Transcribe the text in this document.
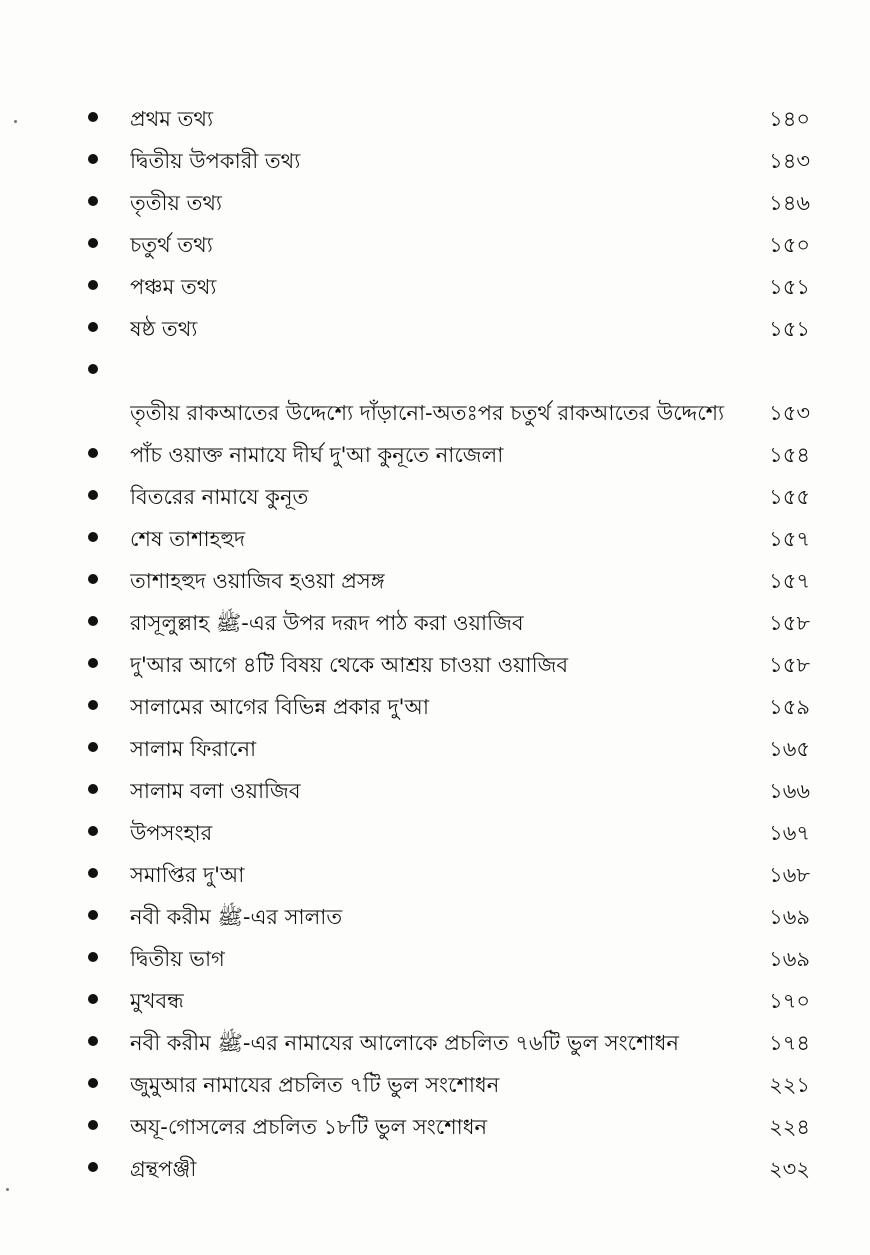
প্রথম তথ্য	১৪০
দ্বিতীয় উপকারী তথ্য	১৪৩
তৃতীয় তথ্য	১৪৬
চতুর্থ তথ্য	১৫০
পঞ্চম তথ্য	১৫১
ষষ্ঠ তথ্য	১৫১
তৃতীয় রাকআতের উদ্দেশ্যে দাঁড়ানো-অতঃপর চতুর্থ রাকআতের উদ্দেশ্যে	১৫৩
পাঁচ ওয়াক্ত নামাযে দীর্ঘ দু'আ কুনূতে নাজেলা	১৫৪
বিতরের নামাযে কুনূত	১৫৫
শেষ তাশাহহুদ	১৫৭
তাশাহহুদ ওয়াজিব হওয়া প্রসঙ্গ	১৫৭
রাসূলুল্লাহ ﷺ-এর উপর দরূদ পাঠ করা ওয়াজিব	১৫৮
দু'আর আগে ৪টি বিষয় থেকে আশ্রয় চাওয়া ওয়াজিব	১৫৮
সালামের আগের বিভিন্ন প্রকার দু'আ	১৫৯
সালাম ফিরানো	১৬৫
সালাম বলা ওয়াজিব	১৬৬
উপসংহার	১৬৭
সমাপ্তির দু'আ	১৬৮
নবী করীম ﷺ-এর সালাত	১৬৯
দ্বিতীয় ভাগ	১৬৯
মুখবন্ধ	১৭০
নবী করীম ﷺ-এর নামাযের আলোকে প্রচলিত ৭৬টি ভুল সংশোধন	১৭৪
জুমুআর নামাযের প্রচলিত ৭টি ভুল সংশোধন	২২১
অযূ-গোসলের প্রচলিত ১৮টি ভুল সংশোধন	২২৪
গ্রন্থপঞ্জী	২৩২
